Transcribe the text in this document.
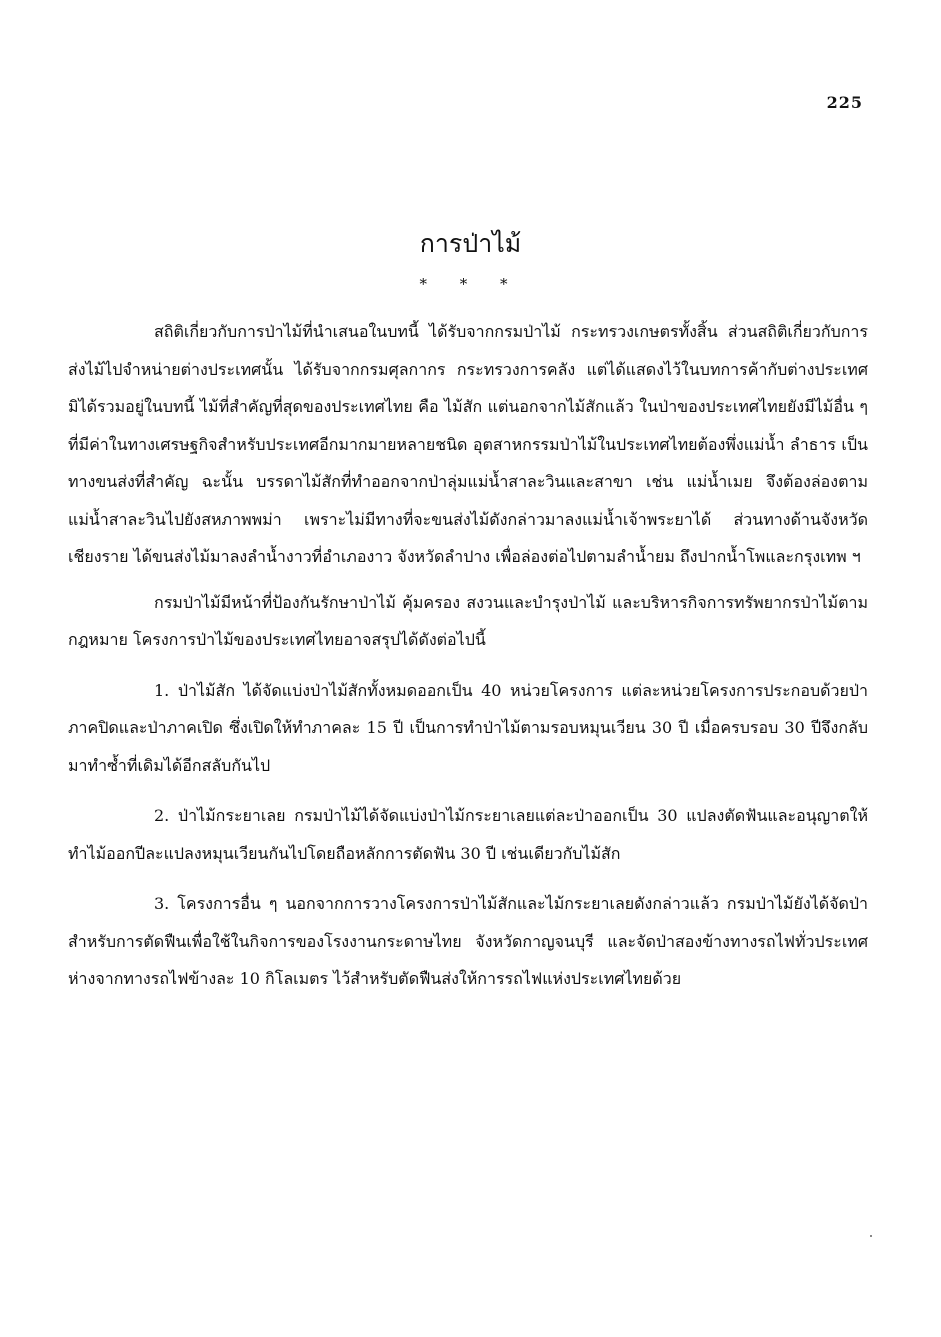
225
การป่าไม้
* * *

สถิติเกี่ยวกับการป่าไม้ที่นำเสนอในบทนี้ ได้รับจากกรมป่าไม้ กระทรวงเกษตรทั้งสิ้น ส่วนสถิติเกี่ยวกับการส่งไม้ไปจำหน่ายต่างประเทศนั้น ได้รับจากกรมศุลกากร กระทรวงการคลัง แต่ได้แสดงไว้ในบทการค้ากับต่างประเทศมิได้รวมอยู่ในบทนี้ ไม้ที่สำคัญที่สุดของประเทศไทย คือ ไม้สัก แต่นอกจากไม้สักแล้ว ในป่าของประเทศไทยยังมีไม้อื่น ๆ ที่มีค่าในทางเศรษฐกิจสำหรับประเทศอีกมากมายหลายชนิด อุตสาหกรรมป่าไม้ในประเทศไทยต้องพึ่งแม่น้ำ ลำธาร เป็นทางขนส่งที่สำคัญ ฉะนั้น บรรดาไม้สักที่ทำออกจากป่าลุ่มแม่น้ำสาละวินและสาขา เช่น แม่น้ำเมย จึงต้องล่องตามแม่น้ำสาละวินไปยังสหภาพพม่า เพราะไม่มีทางที่จะขนส่งไม้ดังกล่าวมาลงแม่น้ำเจ้าพระยาได้ ส่วนทางด้านจังหวัดเชียงราย ได้ขนส่งไม้มาลงลำน้ำงาวที่อำเภองาว จังหวัดลำปาง เพื่อล่องต่อไปตามลำน้ำยม ถึงปากน้ำโพและกรุงเทพ ฯ

กรมป่าไม้มีหน้าที่ป้องกันรักษาป่าไม้ คุ้มครอง สงวนและบำรุงป่าไม้ และบริหารกิจการทรัพยากรป่าไม้ตามกฎหมาย โครงการป่าไม้ของประเทศไทยอาจสรุปได้ดังต่อไปนี้

1. ป่าไม้สัก ได้จัดแบ่งป่าไม้สักทั้งหมดออกเป็น 40 หน่วยโครงการ แต่ละหน่วยโครงการประกอบด้วยป่าภาคปิดและป่าภาคเปิด ซึ่งเปิดให้ทำภาคละ 15 ปี เป็นการทำป่าไม้ตามรอบหมุนเวียน 30 ปี เมื่อครบรอบ 30 ปีจึงกลับมาทำซ้ำที่เดิมได้อีกสลับกันไป

2. ป่าไม้กระยาเลย กรมป่าไม้ได้จัดแบ่งป่าไม้กระยาเลยแต่ละป่าออกเป็น 30 แปลงตัดฟันและอนุญาตให้ทำไม้ออกปีละแปลงหมุนเวียนกันไปโดยถือหลักการตัดฟัน 30 ปี เช่นเดียวกับไม้สัก

3. โครงการอื่น ๆ นอกจากการวางโครงการป่าไม้สักและไม้กระยาเลยดังกล่าวแล้ว กรมป่าไม้ยังได้จัดป่าสำหรับการตัดฟืนเพื่อใช้ในกิจการของโรงงานกระดาษไทย จังหวัดกาญจนบุรี และจัดป่าสองข้างทางรถไฟทั่วประเทศห่างจากทางรถไฟข้างละ 10 กิโลเมตร ไว้สำหรับตัดฟืนส่งให้การรถไฟแห่งประเทศไทยด้วย
